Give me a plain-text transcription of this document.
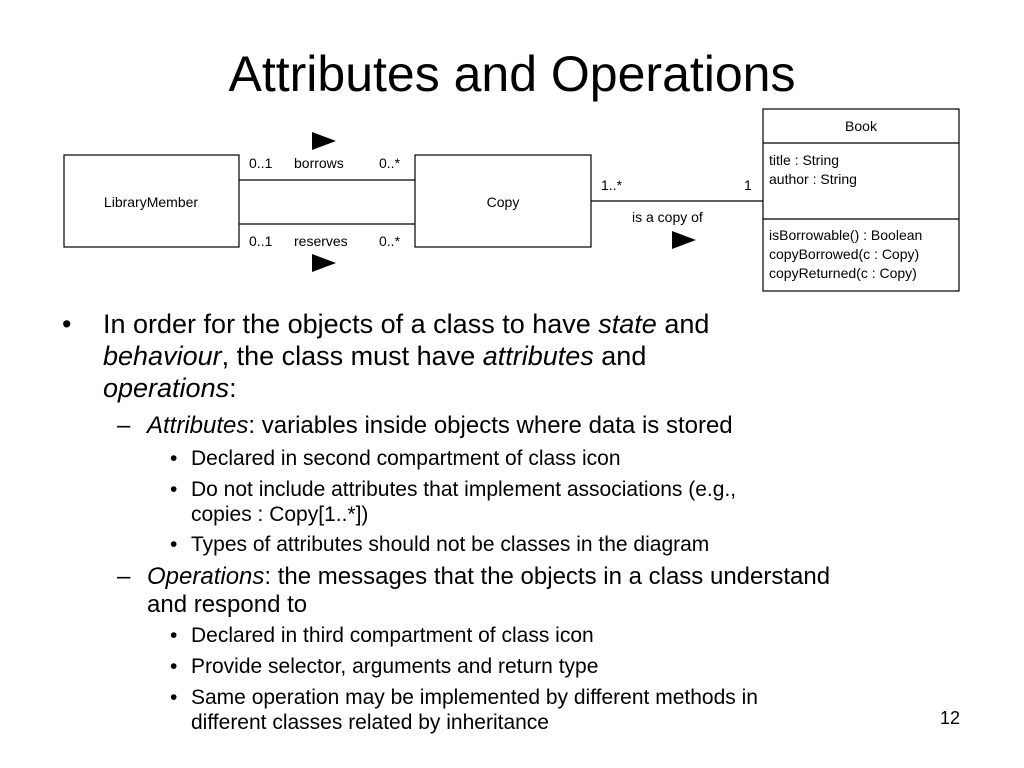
Attributes and Operations
LibraryMember	Copy
Book
title : String
author : String
isBorrowable() : Boolean
copyBorrowed(c : Copy)
copyReturned(c : Copy)
0..1 borrows	0..*
0..1 reserves 0..*
1..*	1
is a copy of
• In order for the objects of a class to have state and
behaviour, the class must have attributes and
operations:
– Attributes: variables inside objects where data is stored
• Declared in second compartment of class icon
• Do not include attributes that implement associations (e.g.,
copies : Copy[1..*])
• Types of attributes should not be classes in the diagram
– Operations: the messages that the objects in a class understand
and respond to
• Declared in third compartment of class icon
• Provide selector, arguments and return type
• Same operation may be implemented by different methods in
different classes related by inheritance	12
